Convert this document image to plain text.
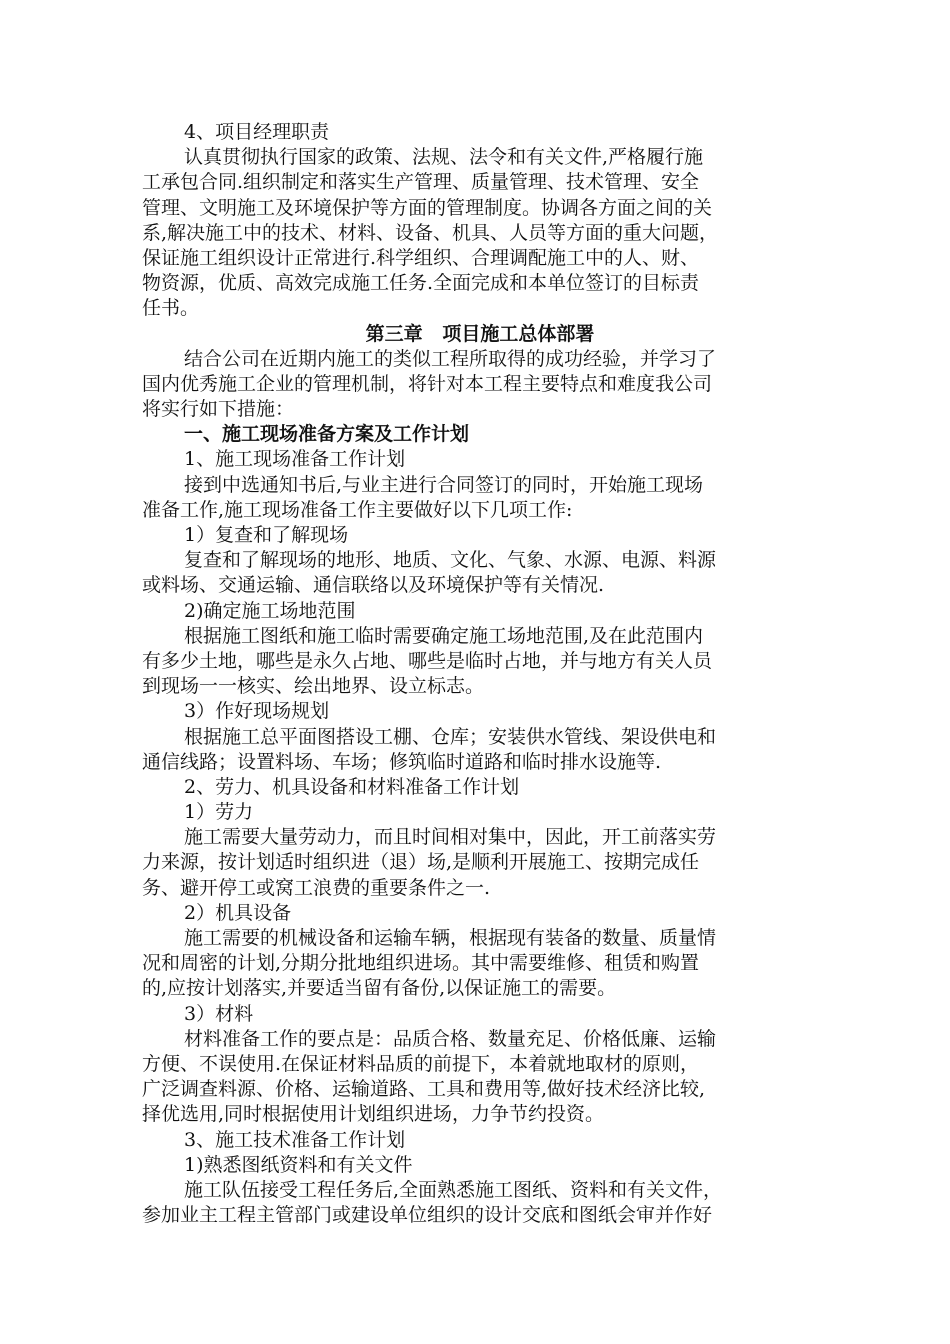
4、项目经理职责
认真贯彻执行国家的政策、法规、法令和有关文件,严格履行施
工承包合同.组织制定和落实生产管理、质量管理、技术管理、安全
管理、文明施工及环境保护等方面的管理制度。协调各方面之间的关
系,解决施工中的技术、材料、设备、机具、人员等方面的重大问题，
保证施工组织设计正常进行.科学组织、合理调配施工中的人、财、
物资源，优质、高效完成施工任务.全面完成和本单位签订的目标责
任书。
第三章   项目施工总体部署
结合公司在近期内施工的类似工程所取得的成功经验，并学习了
国内优秀施工企业的管理机制，将针对本工程主要特点和难度我公司
将实行如下措施：
一、施工现场准备方案及工作计划
1、施工现场准备工作计划
接到中选通知书后,与业主进行合同签订的同时，开始施工现场
准备工作,施工现场准备工作主要做好以下几项工作:
1）复查和了解现场
复查和了解现场的地形、地质、文化、气象、水源、电源、料源
或料场、交通运输、通信联络以及环境保护等有关情况.
2)确定施工场地范围
根据施工图纸和施工临时需要确定施工场地范围,及在此范围内
有多少土地，哪些是永久占地、哪些是临时占地，并与地方有关人员
到现场一一核实、绘出地界、设立标志。
3）作好现场规划
根据施工总平面图搭设工棚、仓库；安装供水管线、架设供电和
通信线路；设置料场、车场；修筑临时道路和临时排水设施等.
2、劳力、机具设备和材料准备工作计划
1）劳力
施工需要大量劳动力，而且时间相对集中，因此，开工前落实劳
力来源，按计划适时组织进（退）场,是顺利开展施工、按期完成任
务、避开停工或窝工浪费的重要条件之一.
2）机具设备
施工需要的机械设备和运输车辆，根据现有装备的数量、质量情
况和周密的计划,分期分批地组织进场。其中需要维修、租赁和购置
的,应按计划落实,并要适当留有备份,以保证施工的需要。
3）材料
材料准备工作的要点是：品质合格、数量充足、价格低廉、运输
方便、不误使用.在保证材料品质的前提下，本着就地取材的原则，
广泛调查料源、价格、运输道路、工具和费用等,做好技术经济比较,
择优选用,同时根据使用计划组织进场，力争节约投资。
3、施工技术准备工作计划
1)熟悉图纸资料和有关文件
施工队伍接受工程任务后,全面熟悉施工图纸、资料和有关文件，
参加业主工程主管部门或建设单位组织的设计交底和图纸会审并作好
